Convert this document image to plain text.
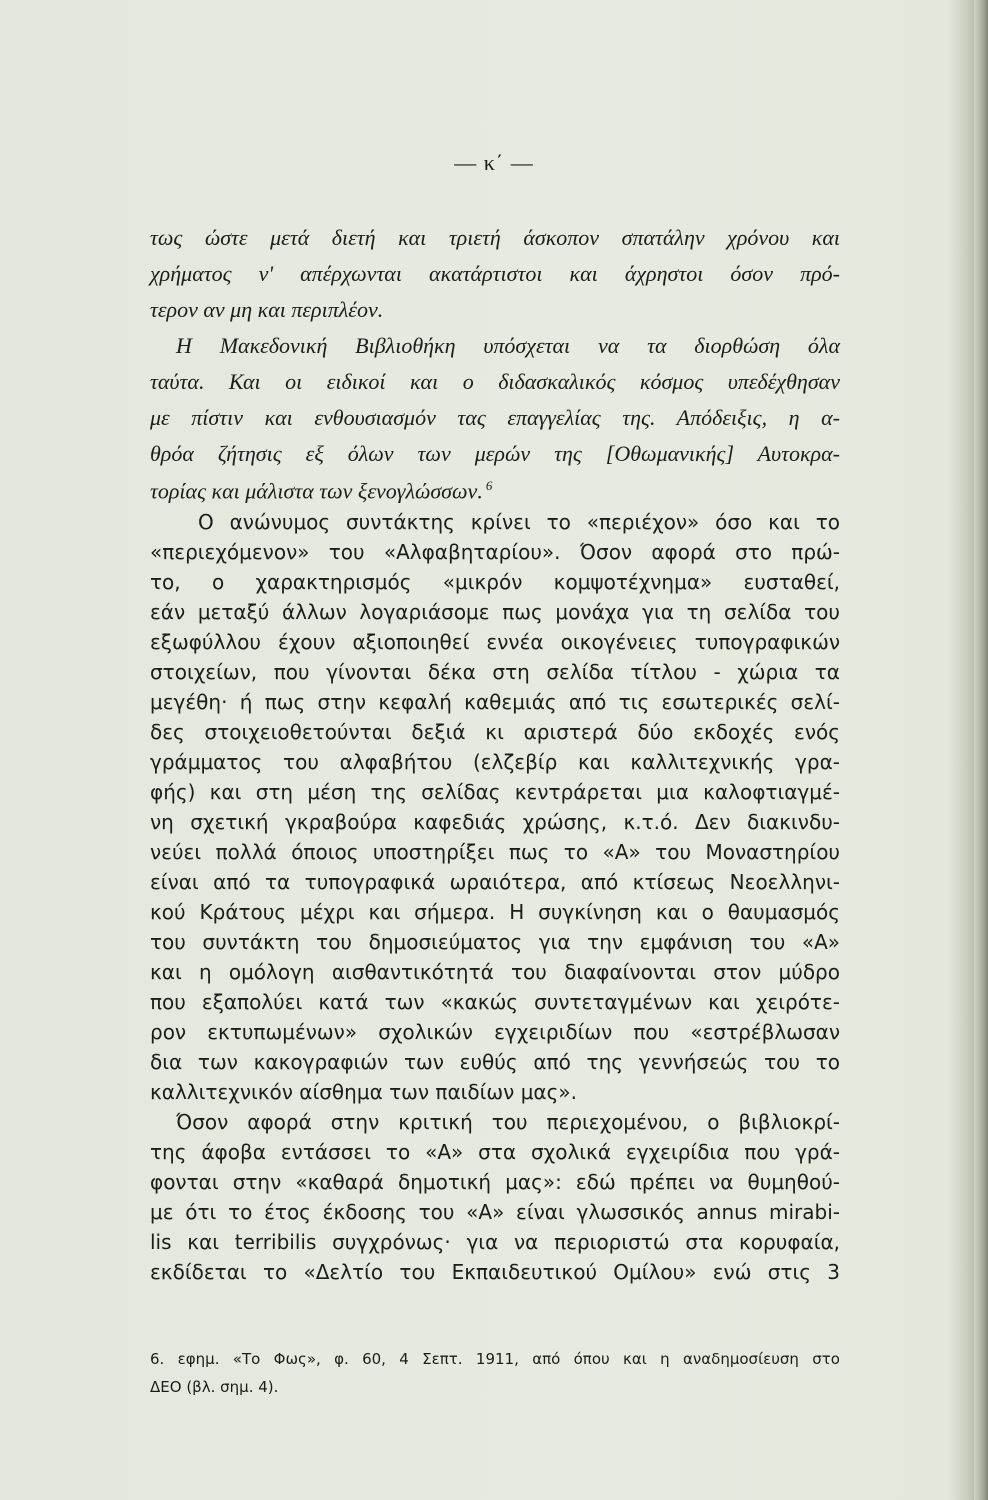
— κ΄ —
τως ώστε μετά διετή και τριετή άσκοπον σπατάλην χρόνου και
χρήματος ν' απέρχωνται ακατάρτιστοι και άχρηστοι όσον πρό-
τερον αν μη και περιπλέον.
Η Μακεδονική Βιβλιοθήκη υπόσχεται να τα διορθώση όλα
ταύτα. Και οι ειδικοί και ο διδασκαλικός κόσμος υπεδέχθησαν
με πίστιν και ενθουσιασμόν τας επαγγελίας της. Απόδειξις, η α-
θρόα ζήτησις εξ όλων των μερών της [Οθωμανικής] Αυτοκρα-
τορίας και μάλιστα των ξενογλώσσων. $^6$
Ο ανώνυμος συντάκτης κρίνει το «περιέχον» όσο και το
«περιεχόμενον» του «Αλφαβηταρίου». Όσον αφορά στο πρώ-
το, ο χαρακτηρισμός «μικρόν κομψοτέχνημα» ευσταθεί,
εάν μεταξύ άλλων λογαριάσομε πως μονάχα για τη σελίδα του
εξωφύλλου έχουν αξιοποιηθεί εννέα οικογένειες τυπογραφικών
στοιχείων, που γίνονται δέκα στη σελίδα τίτλου - χώρια τα
μεγέθη· ή πως στην κεφαλή καθεμιάς από τις εσωτερικές σελί-
δες στοιχειοθετούνται δεξιά κι αριστερά δύο εκδοχές ενός
γράμματος του αλφαβήτου (ελζεβίρ και καλλιτεχνικής γρα-
φής) και στη μέση της σελίδας κεντράρεται μια καλοφτιαγμέ-
νη σχετική γκραβούρα καφεδιάς χρώσης, κ.τ.ό. Δεν διακινδυ-
νεύει πολλά όποιος υποστηρίξει πως το «Α» του Μοναστηρίου
είναι από τα τυπογραφικά ωραιότερα, από κτίσεως Νεοελληνι-
κού Κράτους μέχρι και σήμερα. Η συγκίνηση και ο θαυμασμός
του συντάκτη του δημοσιεύματος για την εμφάνιση του «Α»
και η ομόλογη αισθαντικότητά του διαφαίνονται στον μύδρο
που εξαπολύει κατά των «κακώς συντεταγμένων και χειρότε-
ρον εκτυπωμένων» σχολικών εγχειριδίων που «εστρέβλωσαν
δια των κακογραφιών των ευθύς από της γεννήσεώς του το
καλλιτεχνικόν αίσθημα των παιδίων μας».
Όσον αφορά στην κριτική του περιεχομένου, ο βιβλιοκρί-
της άφοβα εντάσσει το «Α» στα σχολικά εγχειρίδια που γρά-
φονται στην «καθαρά δημοτική μας»: εδώ πρέπει να θυμηθού-
με ότι το έτος έκδοσης του «Α» είναι γλωσσικός annus mirabi-
lis και terribilis συγχρόνως· για να περιοριστώ στα κορυφαία,
εκδίδεται το «Δελτίο του Εκπαιδευτικού Ομίλου» ενώ στις 3
6. εφημ. «Το Φως», φ. 60, 4 Σεπτ. 1911, από όπου και η αναδημοσίευση στο
ΔΕΟ (βλ. σημ. 4).
